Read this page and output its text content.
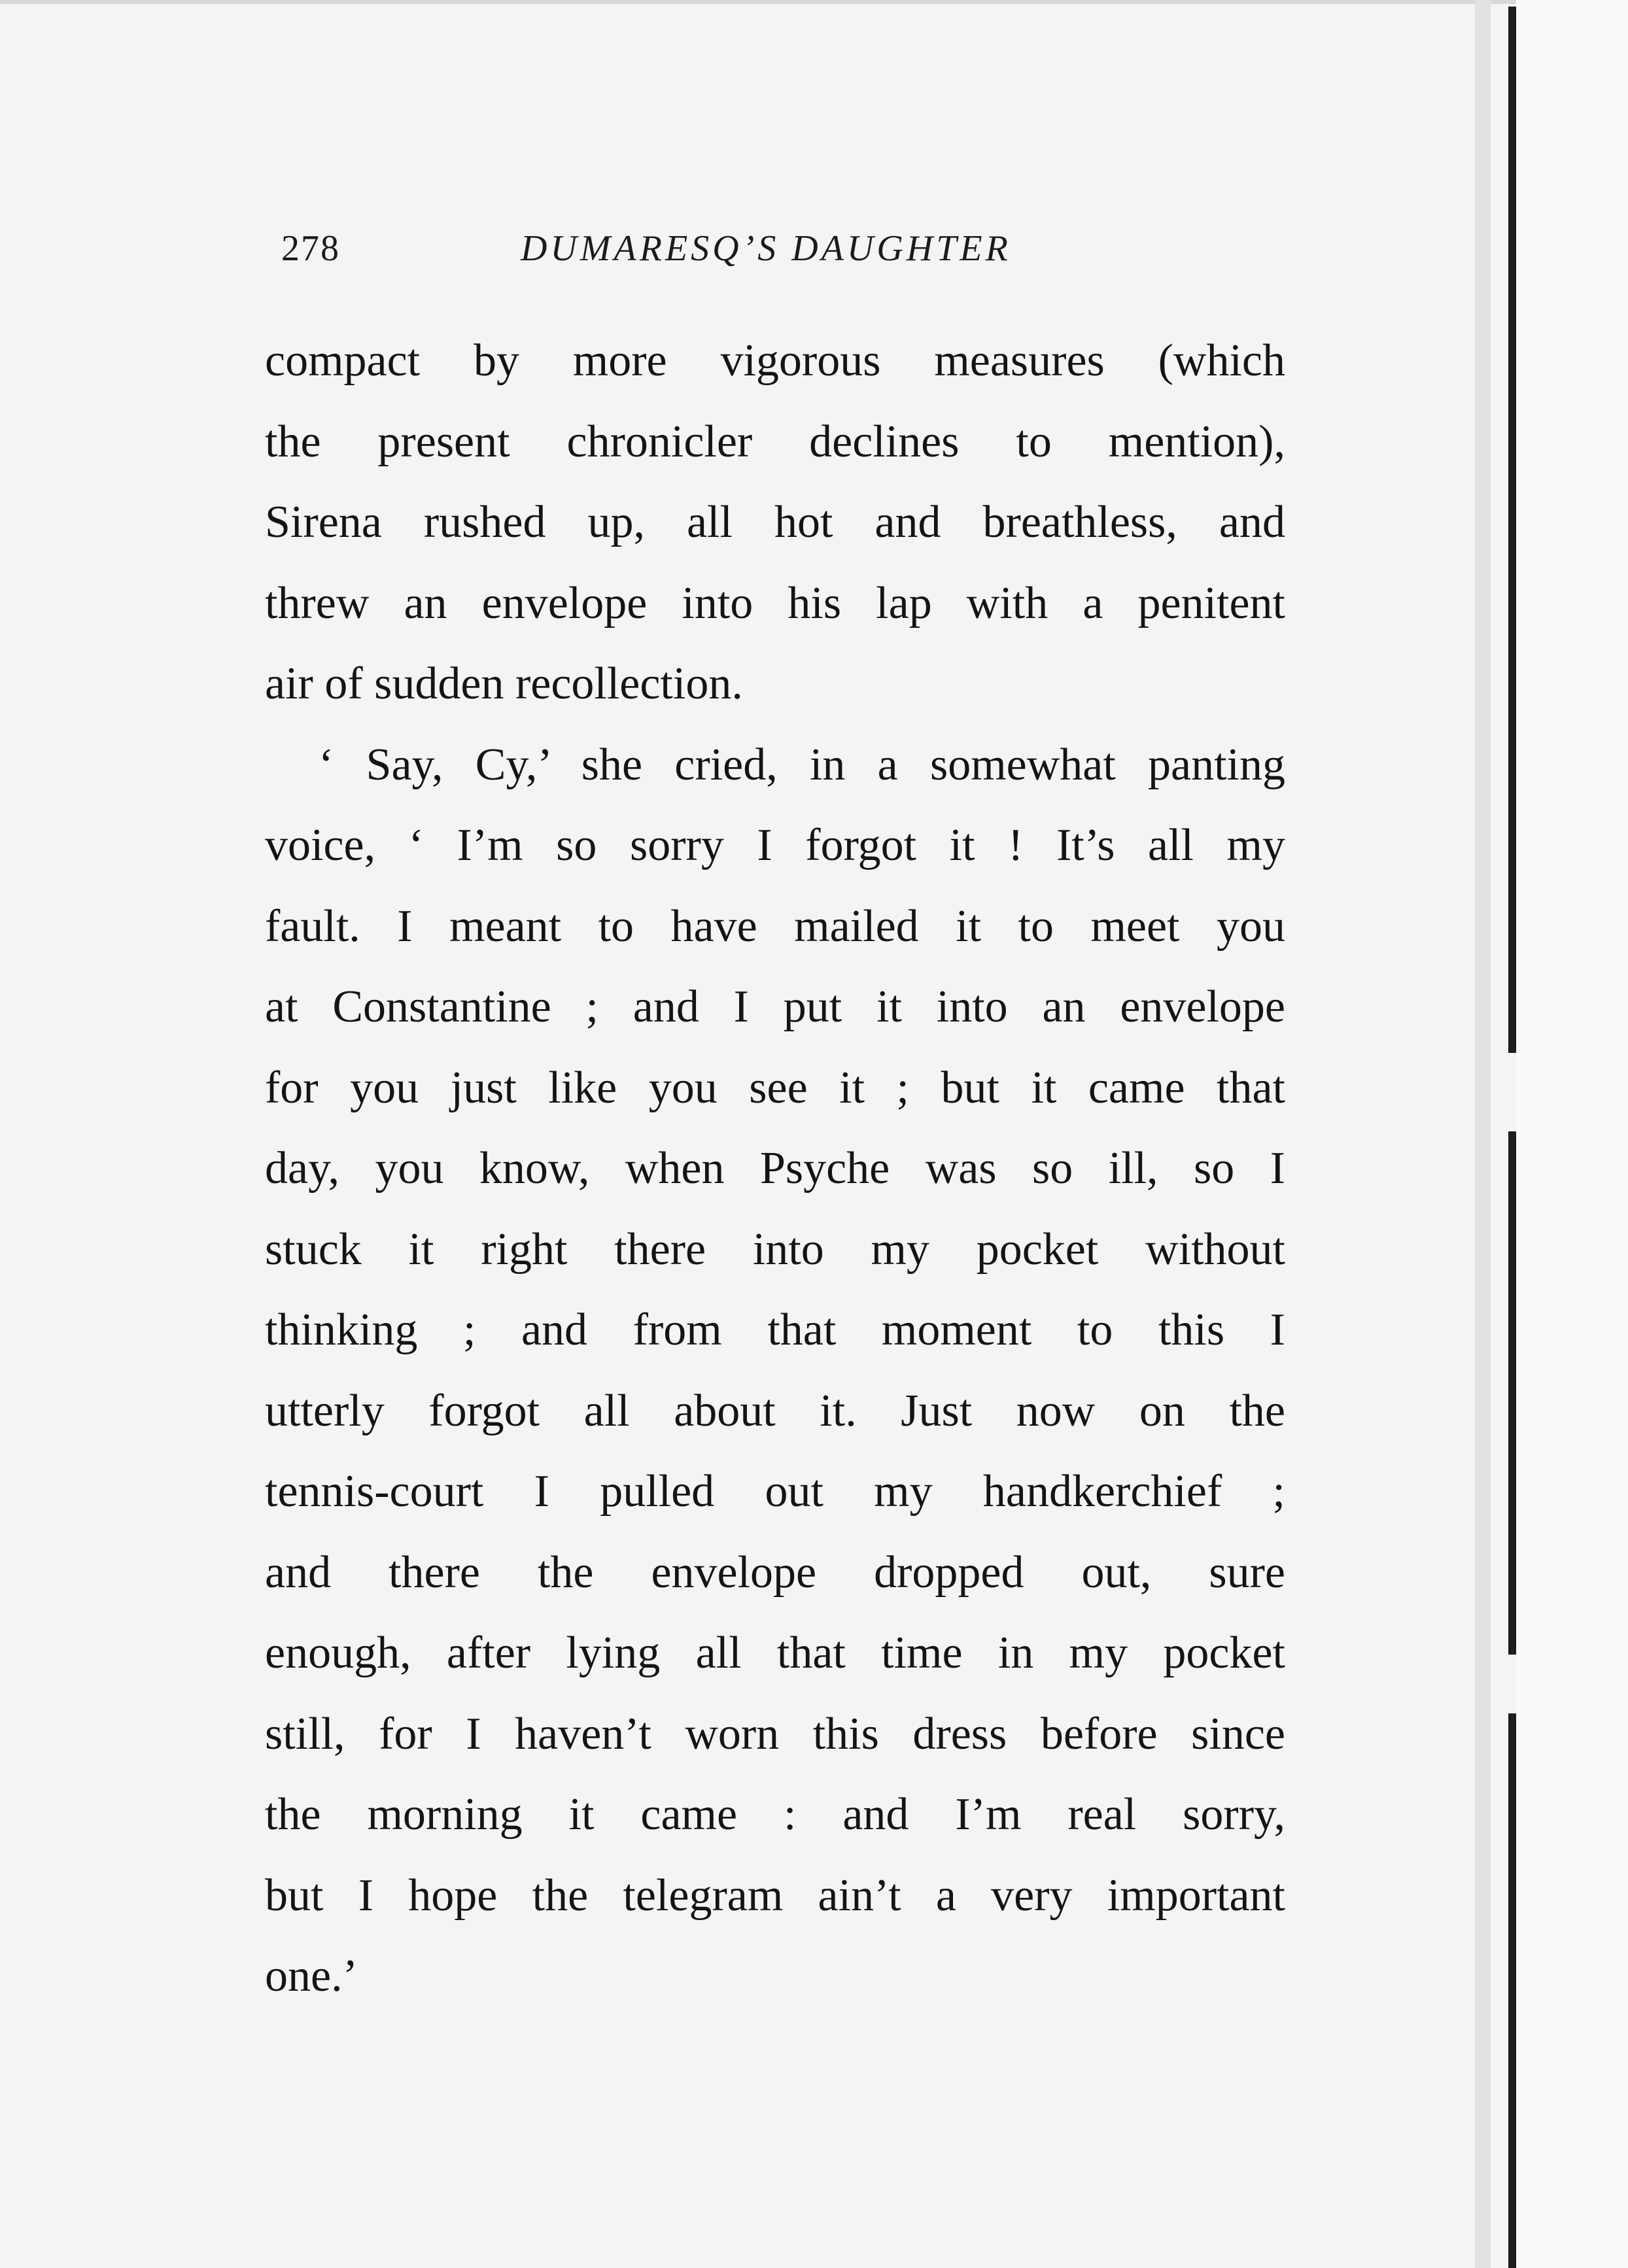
278	DUMARESQ’S DAUGHTER
compact by more vigorous measures (which
the present chronicler declines to mention),
Sirena rushed up, all hot and breathless, and
threw an envelope into his lap with a penitent
air of sudden recollection.
‘ Say, Cy,’ she cried, in a somewhat panting
voice, ‘ I’m so sorry I forgot it ! It’s all my
fault. I meant to have mailed it to meet you
at Constantine ; and I put it into an envelope
for you just like you see it ; but it came that
day, you know, when Psyche was so ill, so I
stuck it right there into my pocket without
thinking ; and from that moment to this I
utterly forgot all about it. Just now on the
tennis-court I pulled out my handkerchief ;
and there the envelope dropped out, sure
enough, after lying all that time in my pocket
still, for I haven’t worn this dress before since
the morning it came : and I’m real sorry,
but I hope the telegram ain’t a very important
one.’
